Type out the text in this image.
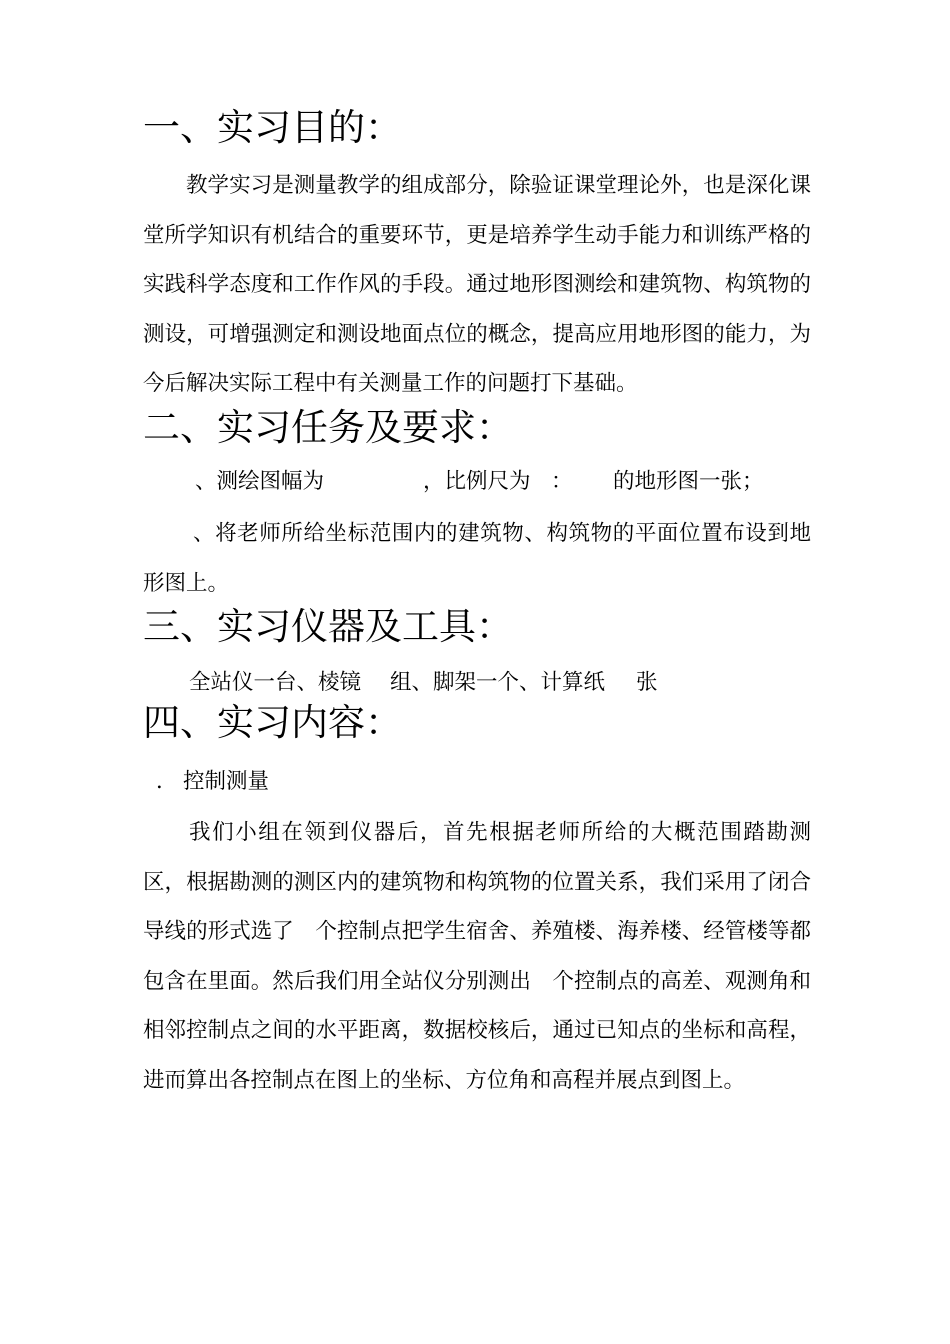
一、实习目的：

教学实习是测量教学的组成部分，除验证课堂理论外，也是深化课堂所学知识有机结合的重要环节，更是培养学生动手能力和训练严格的实践科学态度和工作作风的手段。通过地形图测绘和建筑物、构筑物的测设，可增强测定和测设地面点位的概念，提高应用地形图的能力，为今后解决实际工程中有关测量工作的问题打下基础。

二、实习任务及要求：
、测绘图幅为	，比例尺为 ： 的地形图一张；

、将老师所给坐标范围内的建筑物、构筑物的平面位置布设到地形图上。

三、实习仪器及工具：
全站仪一台、棱镜 组、脚架一个、计算纸 张
四、实习内容：
． 控制测量

我们小组在领到仪器后，首先根据老师所给的大概范围踏勘测区，根据勘测的测区内的建筑物和构筑物的位置关系，我们采用了闭合导线的形式选了　个控制点把学生宿舍、养殖楼、海养楼、经管楼等都包含在里面。然后我们用全站仪分别测出　个控制点的高差、观测角和相邻控制点之间的水平距离，数据校核后，通过已知点的坐标和高程，进而算出各控制点在图上的坐标、方位角和高程并展点到图上。
